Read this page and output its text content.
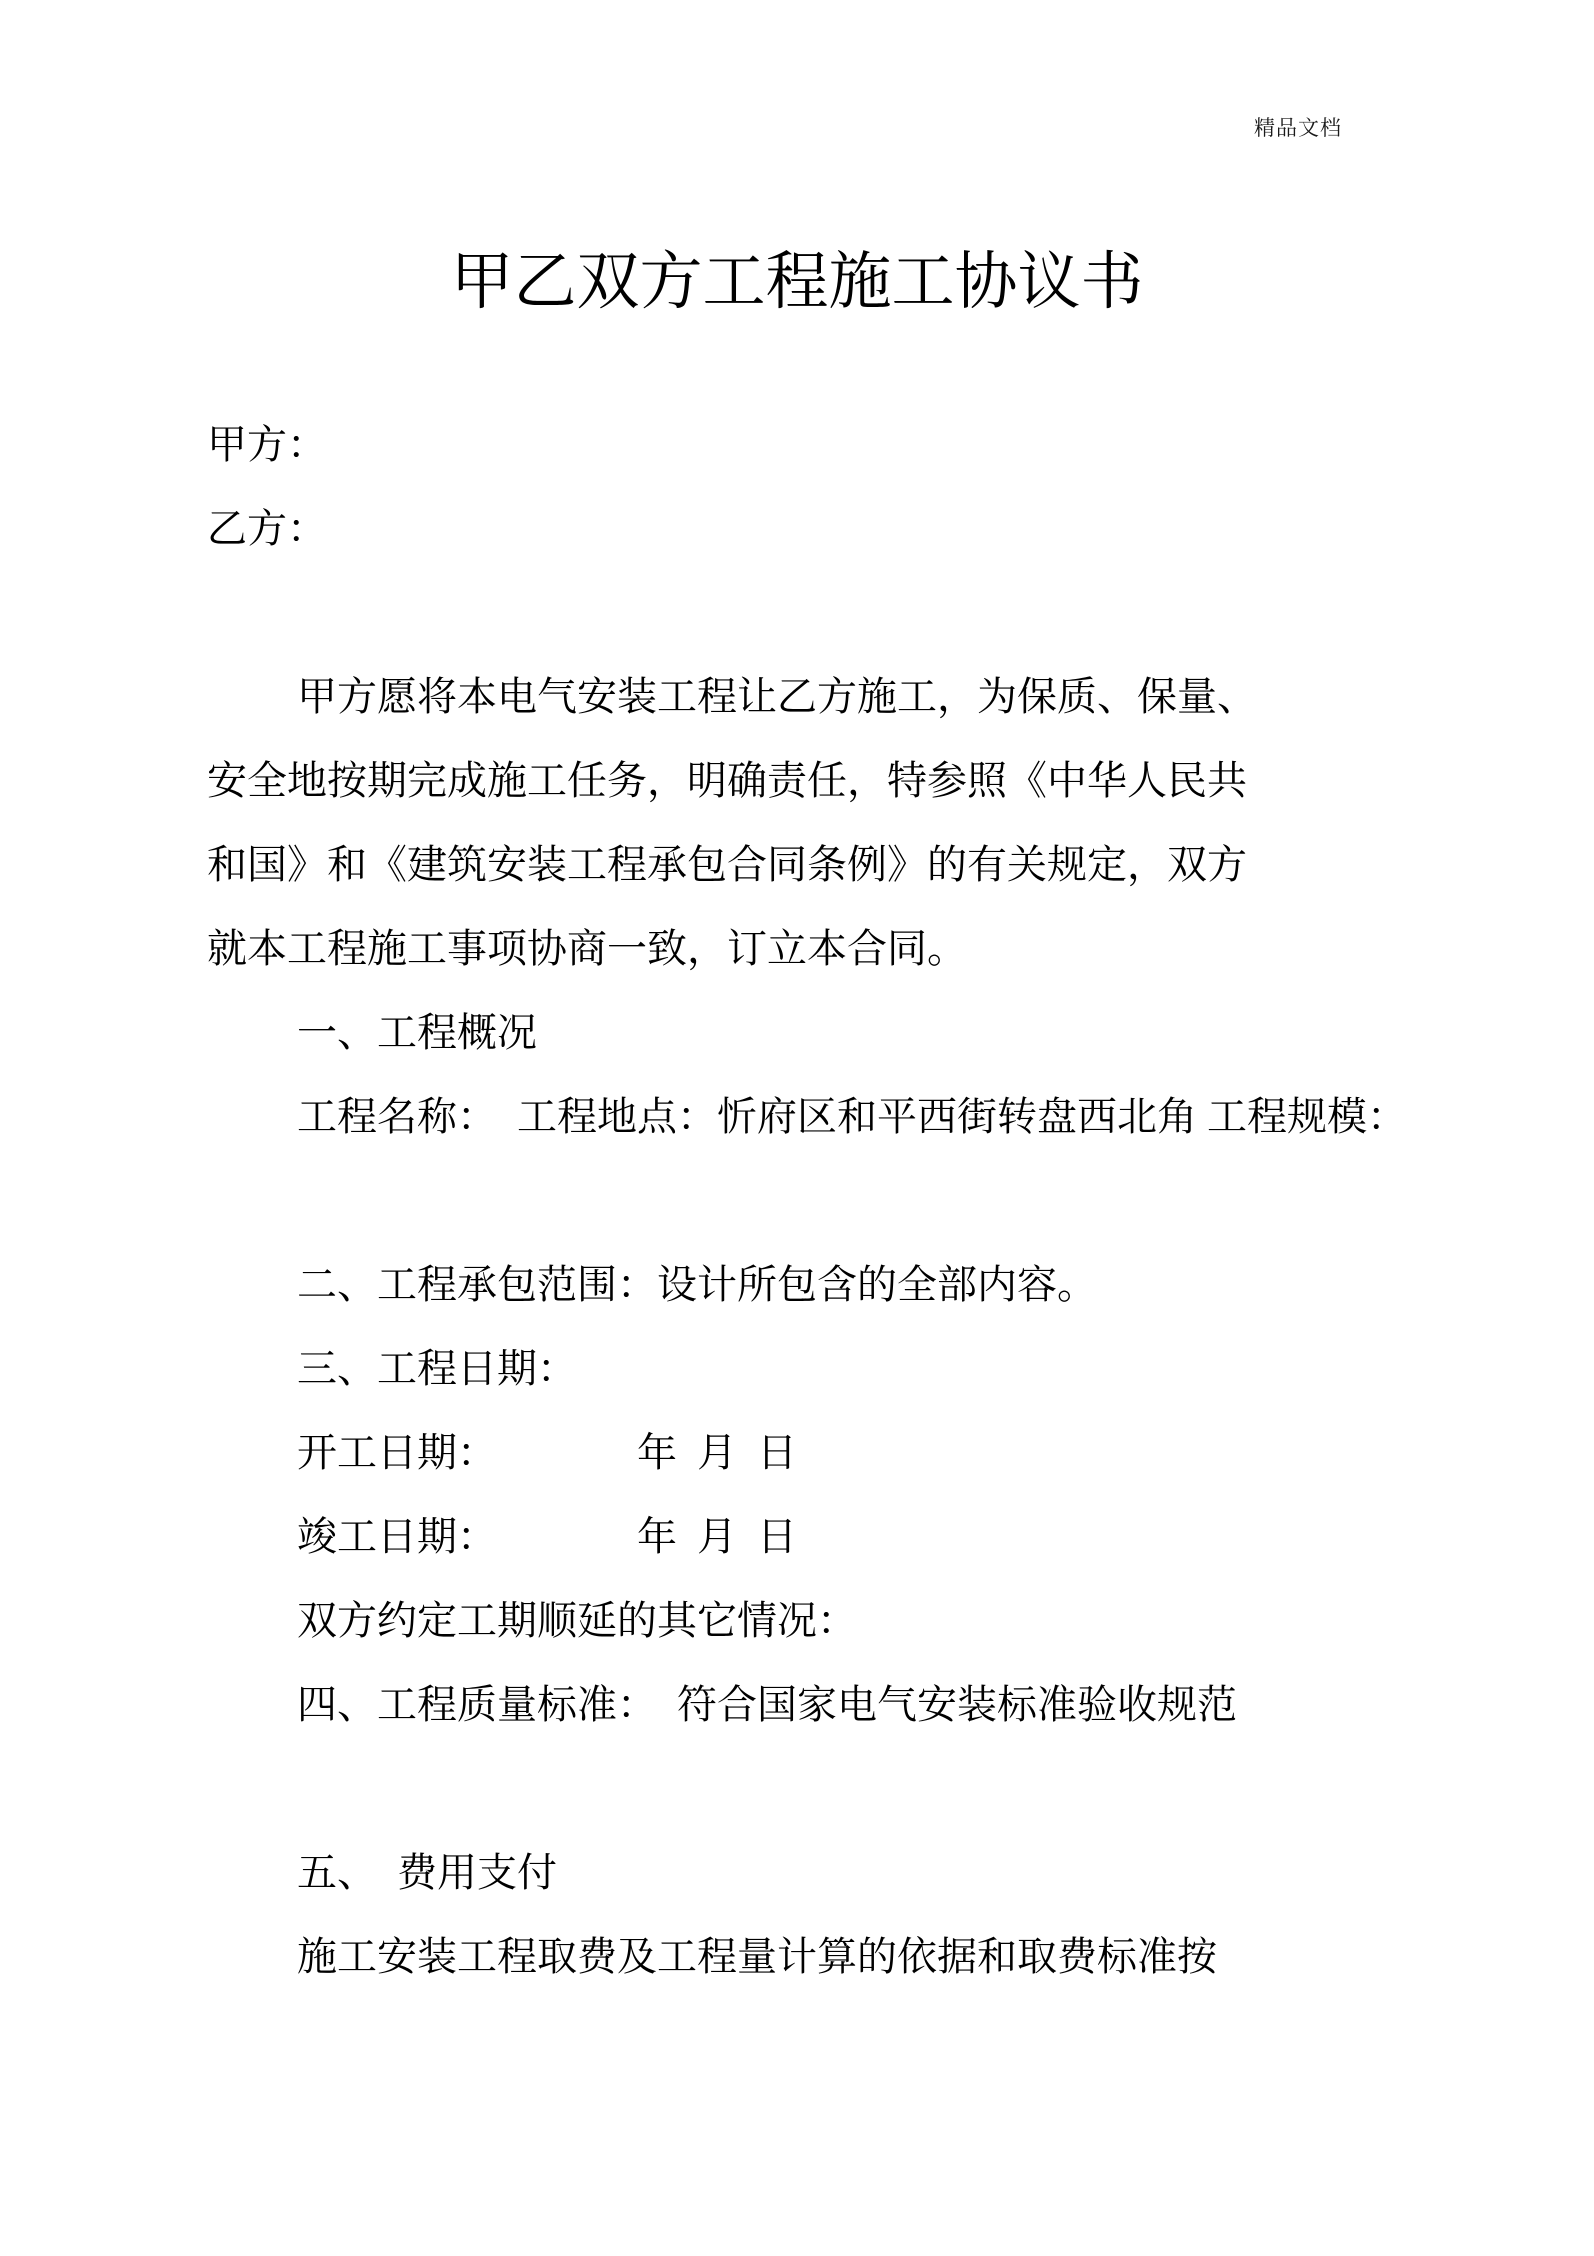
精品文档
甲乙双方工程施工协议书
甲方：
乙方：
甲方愿将本电气安装工程让乙方施工，为保质、保量、
安全地按期完成施工任务，明确责任，特参照《中华人民共
和国》和《建筑安装工程承包合同条例》的有关规定，双方
就本工程施工事项协商一致，订立本合同。
一、工程概况
工程名称：　工程地点：忻府区和平西街转盘西北角 工程规模：
二、工程承包范围：设计所包含的全部内容。
三、工程日期：
开工日期：　　　　年  月  日
竣工日期：　　　　年  月  日
双方约定工期顺延的其它情况：
四、工程质量标准：　符合国家电气安装标准验收规范
五、　费用支付
施工安装工程取费及工程量计算的依据和取费标准按
